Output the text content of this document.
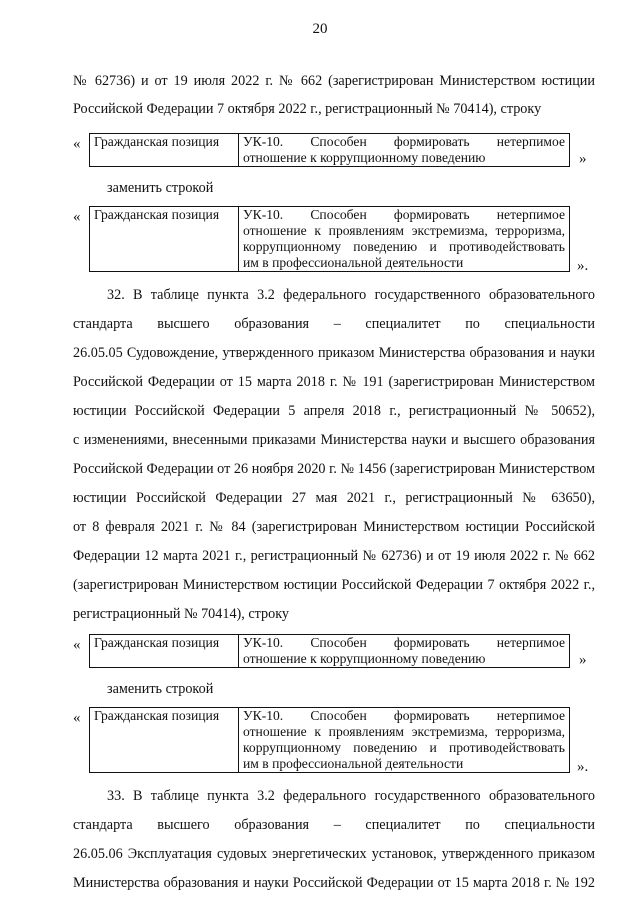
20
№ 62736) и от 19 июля 2022 г. № 662 (зарегистрирован Министерством юстиции
Российской Федерации 7 октября 2022 г., регистрационный № 70414), строку
« Гражданская позиция	УК-10. Способен формировать нетерпимое
отношение к коррупционному поведению	»
заменить строкой
« Гражданская позиция	УК-10. Способен формировать нетерпимое
отношение к проявлениям экстремизма, терроризма,
коррупционному поведению и противодействовать
им в профессиональной деятельности	».
32. В таблице пункта 3.2 федерального государственного образовательного
стандарта высшего образования – специалитет по специальности
26.05.05 Судовождение, утвержденного приказом Министерства образования и науки
Российской Федерации от 15 марта 2018 г. № 191 (зарегистрирован Министерством
юстиции Российской Федерации 5 апреля 2018 г., регистрационный № 50652),
с изменениями, внесенными приказами Министерства науки и высшего образования
Российской Федерации от 26 ноября 2020 г. № 1456 (зарегистрирован Министерством
юстиции Российской Федерации 27 мая 2021 г., регистрационный № 63650),
от 8 февраля 2021 г. № 84 (зарегистрирован Министерством юстиции Российской
Федерации 12 марта 2021 г., регистрационный № 62736) и от 19 июля 2022 г. № 662
(зарегистрирован Министерством юстиции Российской Федерации 7 октября 2022 г.,
регистрационный № 70414), строку
« Гражданская позиция	УК-10. Способен формировать нетерпимое
отношение к коррупционному поведению	»
заменить строкой
« Гражданская позиция	УК-10. Способен формировать нетерпимое
отношение к проявлениям экстремизма, терроризма,
коррупционному поведению и противодействовать
им в профессиональной деятельности	».
33. В таблице пункта 3.2 федерального государственного образовательного
стандарта высшего образования – специалитет по специальности
26.05.06 Эксплуатация судовых энергетических установок, утвержденного приказом
Министерства образования и науки Российской Федерации от 15 марта 2018 г. № 192
